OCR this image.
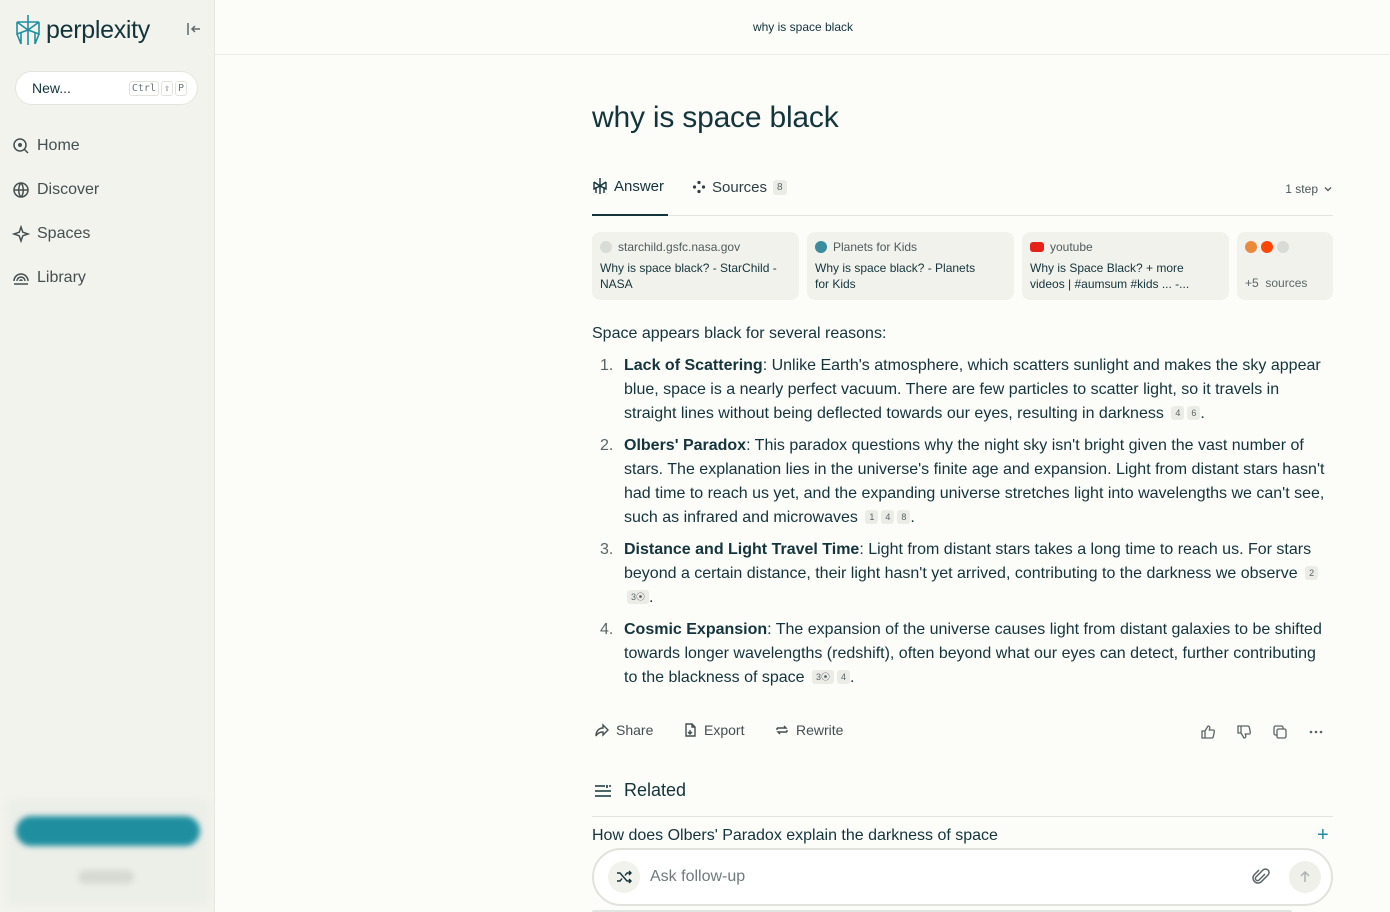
perplexity
New...	Ctrl ⇧ P
Home
Discover
Spaces
Library
why is space black
why is space black
Answer	Sources	8	1 step
starchild.gsfc.nasa.gov
Why is space black? - StarChild -
NASA
Planets for Kids
Why is space black? - Planets
for Kids
youtube
Why is Space Black? + more
videos | #aumsum #kids ... -...	+5 sources

Space appears black for several reasons:

1. Lack of Scattering: Unlike Earth's atmosphere, which scatters sunlight and makes the sky appear blue, space is a nearly perfect vacuum. There are few particles to scatter light, so it travels in straight lines without being deflected towards our eyes, resulting in darkness 4 6 .
2. Olbers' Paradox: This paradox questions why the night sky isn't bright given the vast number of stars. The explanation lies in the universe's finite age and expansion. Light from distant stars hasn't had time to reach us yet, and the expanding universe stretches light into wavelengths we can't see, such as infrared and microwaves 1 4 8 .
3. Distance and Light Travel Time: Light from distant stars takes a long time to reach us. For stars beyond a certain distance, their light hasn't yet arrived, contributing to the darkness we observe 23⦿ .
4. Cosmic Expansion: The expansion of the universe causes light from distant galaxies to be shifted towards longer wavelengths (redshift), often beyond what our eyes can detect, further contributing to the blackness of space 3⦿ 4 .
Share	Export	Rewrite
Related
How does Olbers' Paradox explain the darkness of space	+
Ask follow-up
